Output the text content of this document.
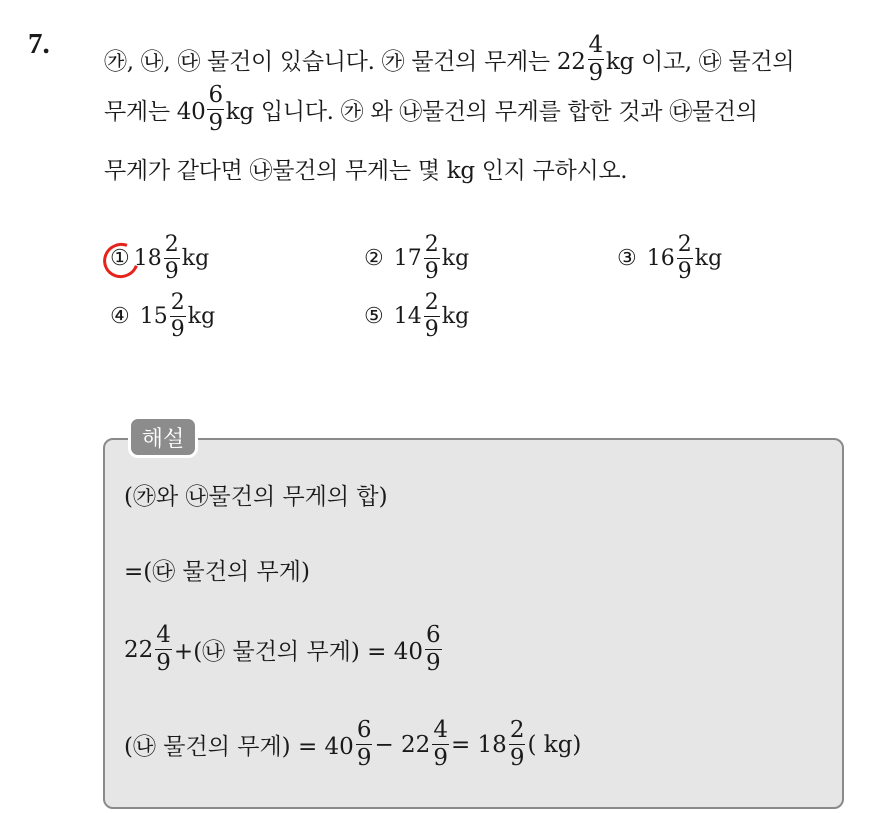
7.
㉮, ㉯, ㉰ 물건이 있습니다. ㉮ 물건의 무게는 $22 \frac{4}{9}$ kg 이고, ㉰ 물건의
무게는 $40 \frac{6}{9}$ kg 입니다. ㉮ 와 ㉯물건의 무게를 합한 것과 ㉰물건의
무게가 같다면 ㉯물건의 무게는 몇 kg 인지 구하시오.
① $18 \frac{2}{9}$ kg	② $17 \frac{2}{9}$ kg	③ $16 \frac{2}{9}$ kg
④ $15 \frac{2}{9}$ kg	⑤ $14 \frac{2}{9}$ kg
해설
(㉮와 ㉯물건의 무게의 합)
=(㉰ 물건의 무게)
$22 \frac{4}{9}$ +(㉯ 물건의 무게) = $40 \frac{6}{9}$
(㉯ 물건의 무게) = $40 \frac{6}{9} - 22 \frac{4}{9} = 18 \frac{2}{9}$ ( kg)
